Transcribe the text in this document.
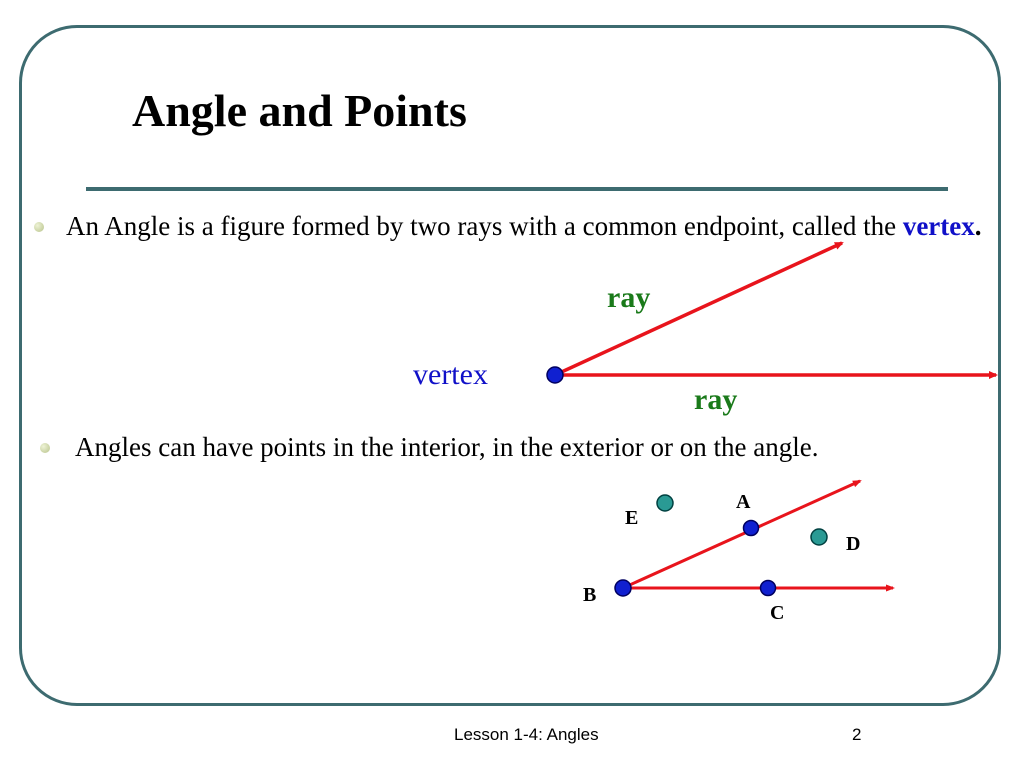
Angle and Points
An Angle is a figure formed by two rays with a common endpoint, called the vertex.
Angles can have points in the interior, in the exterior or on the angle.
vertex
ray
ray
A
B
C
D
E
Lesson 1-4: Angles	2
